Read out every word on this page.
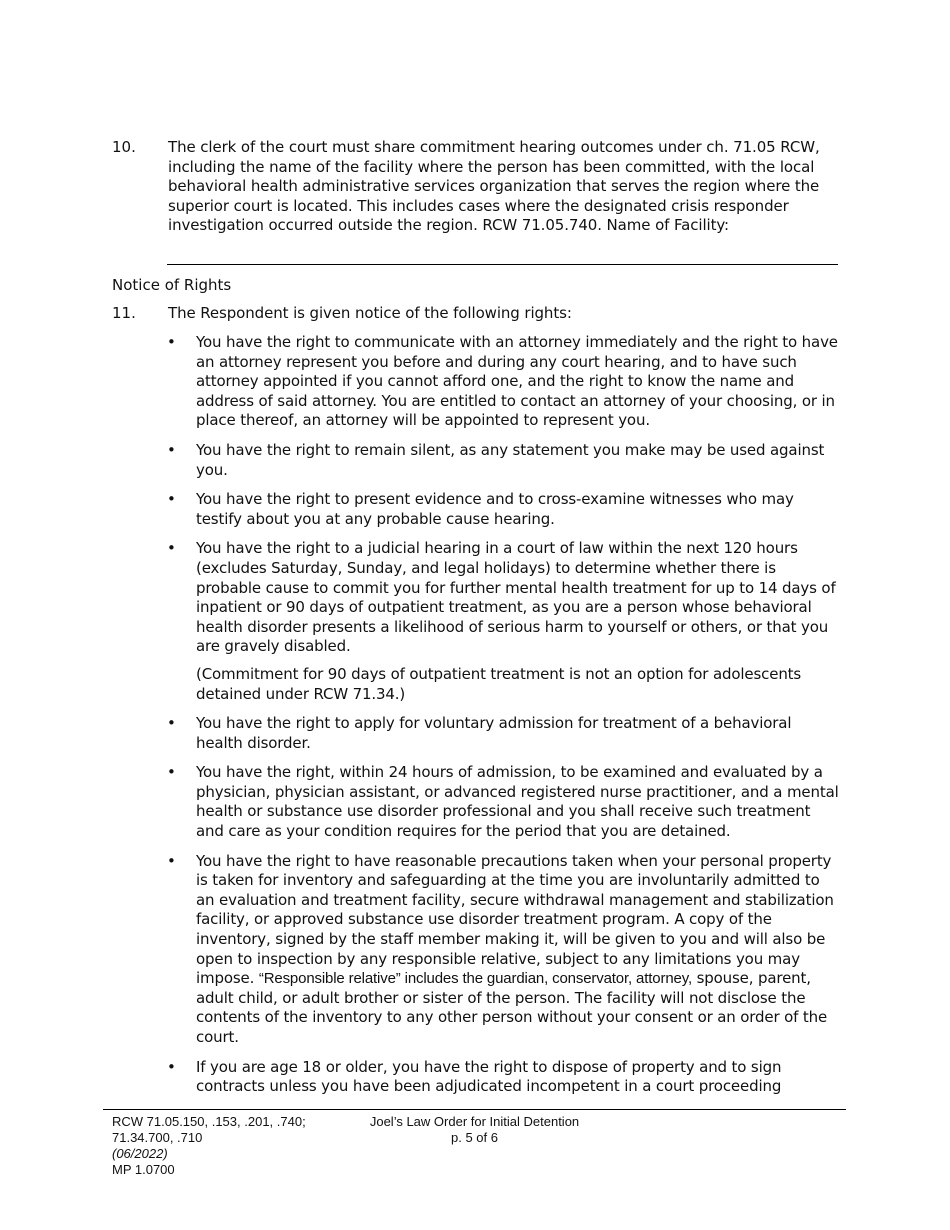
10.	The clerk of the court must share commitment hearing outcomes under ch. 71.05 RCW, including the name of the facility where the person has been committed, with the local behavioral health administrative services organization that serves the region where the superior court is located. This includes cases where the designated crisis responder investigation occurred outside the region. RCW 71.05.740. Name of Facility:
Notice of Rights
11.	The Respondent is given notice of the following rights:
• You have the right to communicate with an attorney immediately and the right to have an attorney represent you before and during any court hearing, and to have such attorney appointed if you cannot afford one, and the right to know the name and address of said attorney. You are entitled to contact an attorney of your choosing, or in place thereof, an attorney will be appointed to represent you.
• You have the right to remain silent, as any statement you make may be used against you.
• You have the right to present evidence and to cross-examine witnesses who may testify about you at any probable cause hearing.
• You have the right to a judicial hearing in a court of law within the next 120 hours (excludes Saturday, Sunday, and legal holidays) to determine whether there is probable cause to commit you for further mental health treatment for up to 14 days of inpatient or 90 days of outpatient treatment, as you are a person whose behavioral health disorder presents a likelihood of serious harm to yourself or others, or that you are gravely disabled.
(Commitment for 90 days of outpatient treatment is not an option for adolescents detained under RCW 71.34.)
• You have the right to apply for voluntary admission for treatment of a behavioral health disorder.
• You have the right, within 24 hours of admission, to be examined and evaluated by a physician, physician assistant, or advanced registered nurse practitioner, and a mental health or substance use disorder professional and you shall receive such treatment and care as your condition requires for the period that you are detained.
• You have the right to have reasonable precautions taken when your personal property is taken for inventory and safeguarding at the time you are involuntarily admitted to an evaluation and treatment facility, secure withdrawal management and stabilization facility, or approved substance use disorder treatment program. A copy of the inventory, signed by the staff member making it, will be given to you and will also be open to inspection by any responsible relative, subject to any limitations you may impose. “Responsible relative” includes the guardian, conservator, attorney, spouse, parent, adult child, or adult brother or sister of the person. The facility will not disclose the contents of the inventory to any other person without your consent or an order of the court.
• If you are age 18 or older, you have the right to dispose of property and to sign contracts unless you have been adjudicated incompetent in a court proceeding
RCW 71.05.150, .153, .201, .740;
71.34.700, .710
(06/2022)
MP 1.0700
Joel’s Law Order for Initial Detention
p. 5 of 6
